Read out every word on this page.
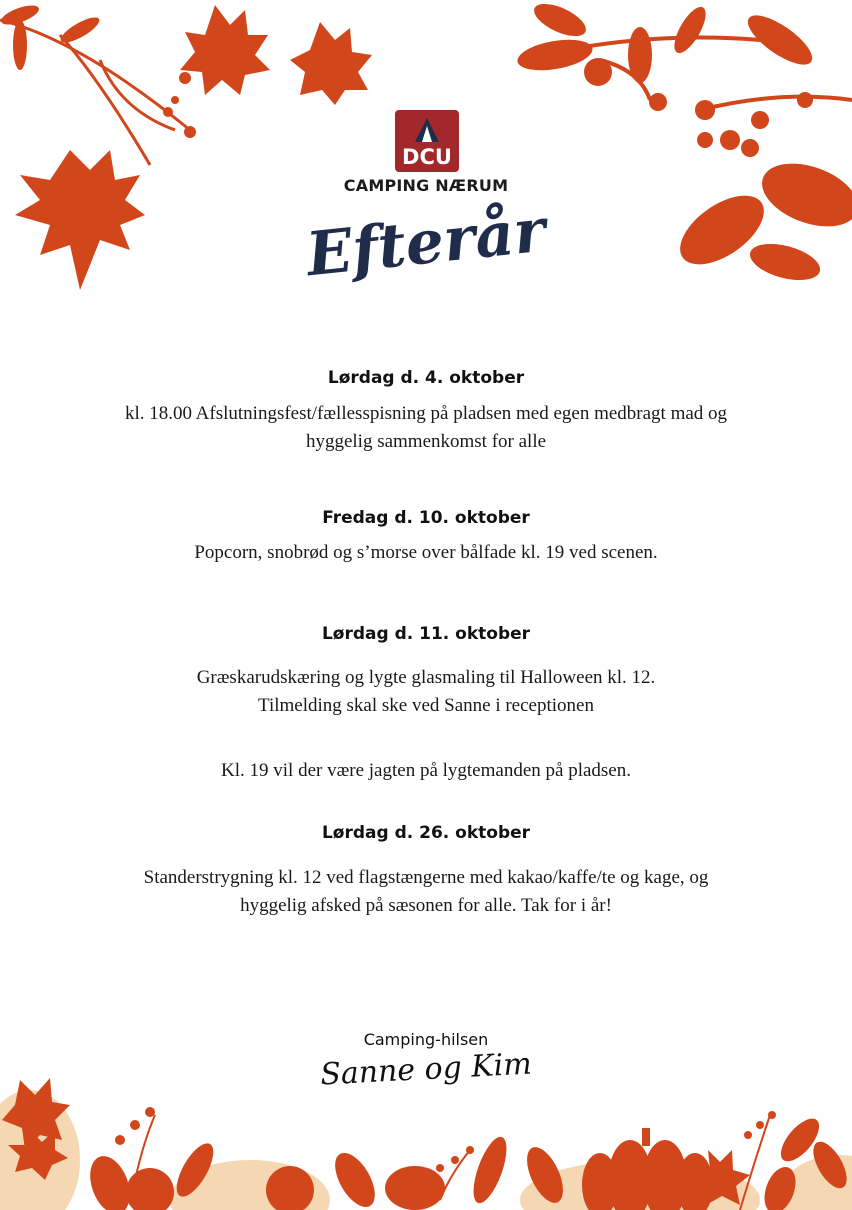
DCU
CAMPING NÆRUM
Efterår
Lørdag d. 4. oktober
kl. 18.00 Afslutningsfest/fællesspisning på pladsen med egen medbragt mad og
hyggelig sammenkomst for alle
Fredag d. 10. oktober
Popcorn, snobrød og s’morse over bålfade kl. 19 ved scenen.
Lørdag d. 11. oktober
Græskarudskæring og lygte glasmaling til Halloween kl. 12.
Tilmelding skal ske ved Sanne i receptionen
Kl. 19 vil der være jagten på lygtemanden på pladsen.
Lørdag d. 26. oktober
Standerstrygning kl. 12 ved flagstængerne med kakao/kaffe/te og kage, og
hyggelig afsked på sæsonen for alle. Tak for i år!
Camping-hilsen
Sanne og Kim
